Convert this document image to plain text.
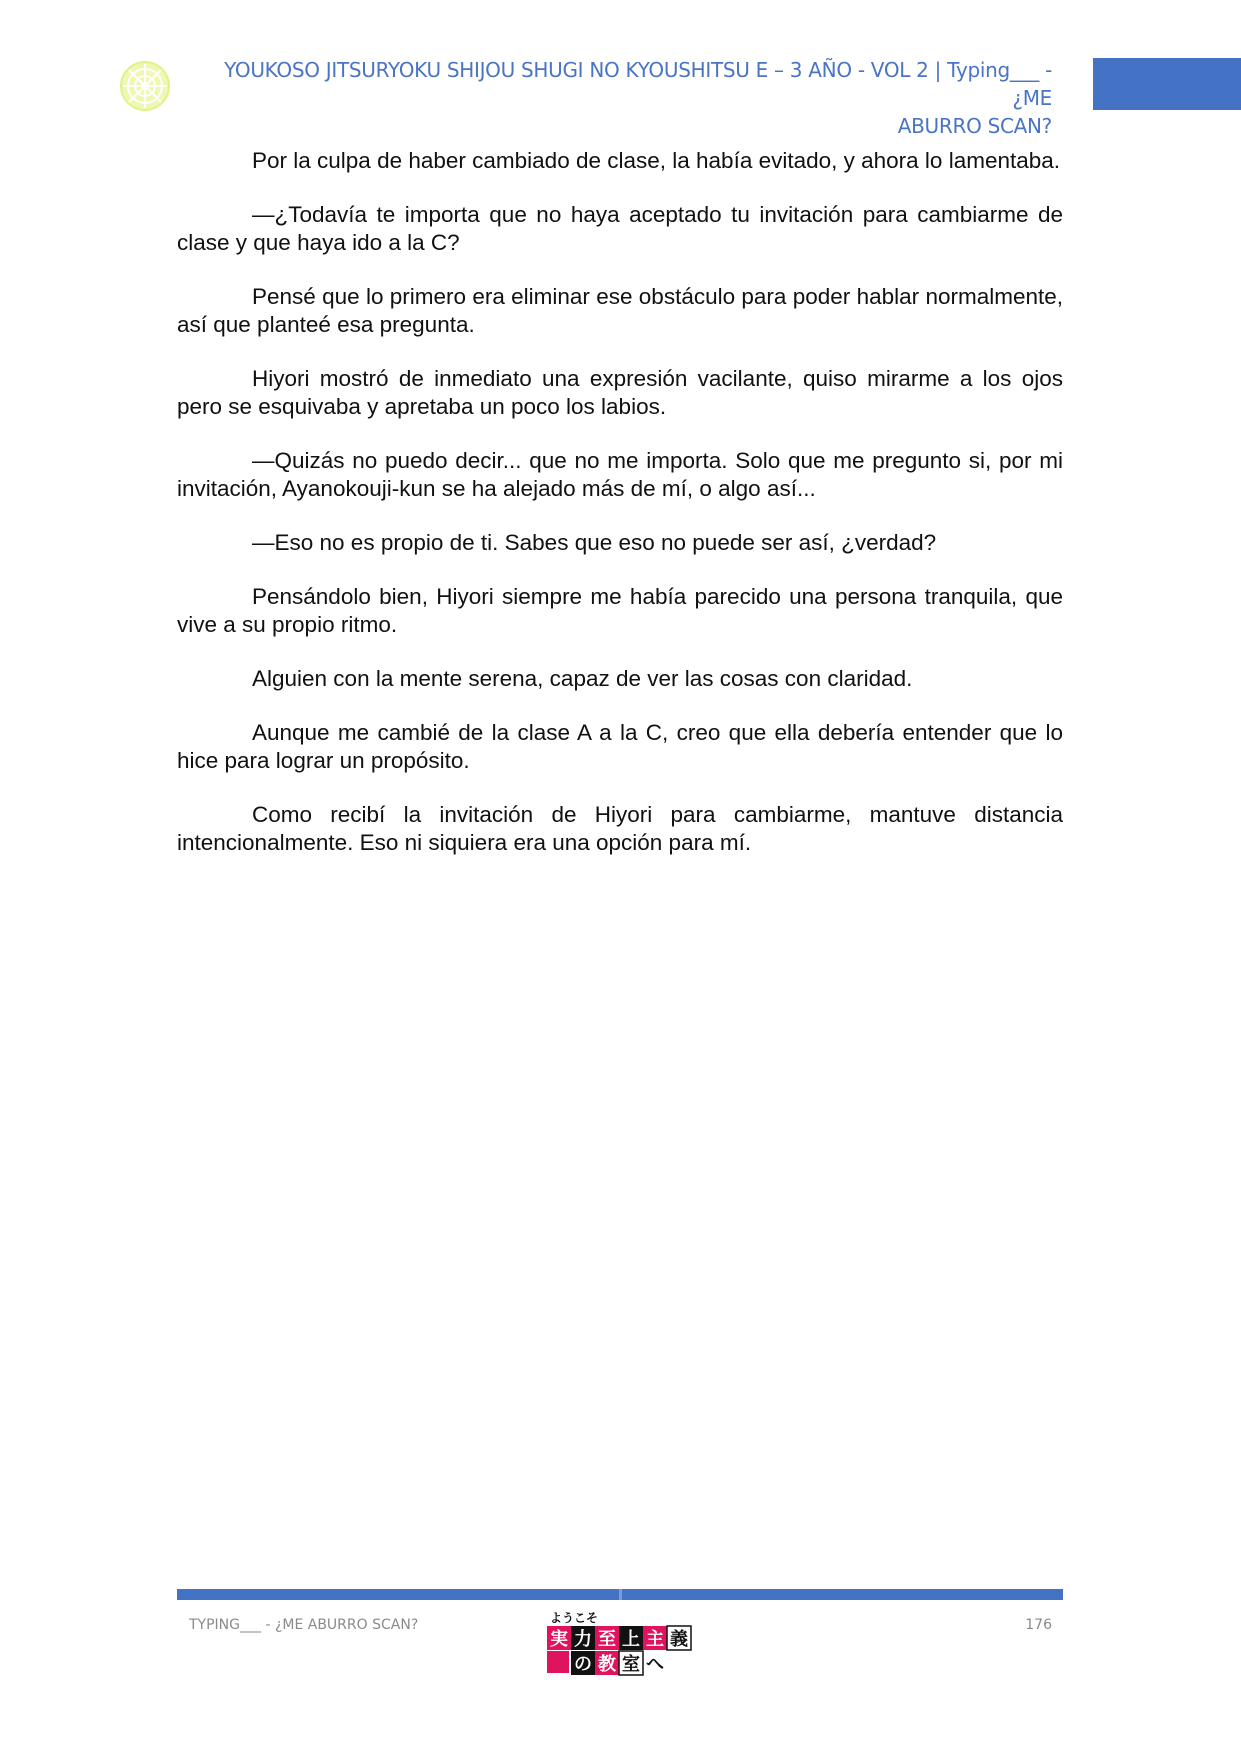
YOUKOSO JITSURYOKU SHIJOU SHUGI NO KYOUSHITSU E – 3 AÑO - VOL 2 | Typing___ - ¿ME
ABURRO SCAN?

Por la culpa de haber cambiado de clase, la había evitado, y ahora lo lamentaba.

—¿Todavía te importa que no haya aceptado tu invitación para cambiarme de clase y que haya ido a la C?

Pensé que lo primero era eliminar ese obstáculo para poder hablar normalmente, así que planteé esa pregunta.

Hiyori mostró de inmediato una expresión vacilante, quiso mirarme a los ojos pero se esquivaba y apretaba un poco los labios.

—Quizás no puedo decir... que no me importa. Solo que me pregunto si, por mi invitación, Ayanokouji-kun se ha alejado más de mí, o algo así...

—Eso no es propio de ti. Sabes que eso no puede ser así, ¿verdad?

Pensándolo bien, Hiyori siempre me había parecido una persona tranquila, que vive a su propio ritmo.

Alguien con la mente serena, capaz de ver las cosas con claridad.

Aunque me cambié de la clase A a la C, creo que ella debería entender que lo hice para lograr un propósito.

Como recibí la invitación de Hiyori para cambiarme, mantuve distancia intencionalmente. Eso ni siquiera era una opción para mí.

TYPING___ - ¿ME ABURRO SCAN?	176
ようこそ
実 力 至 上 主 義
の 教 室 へ
